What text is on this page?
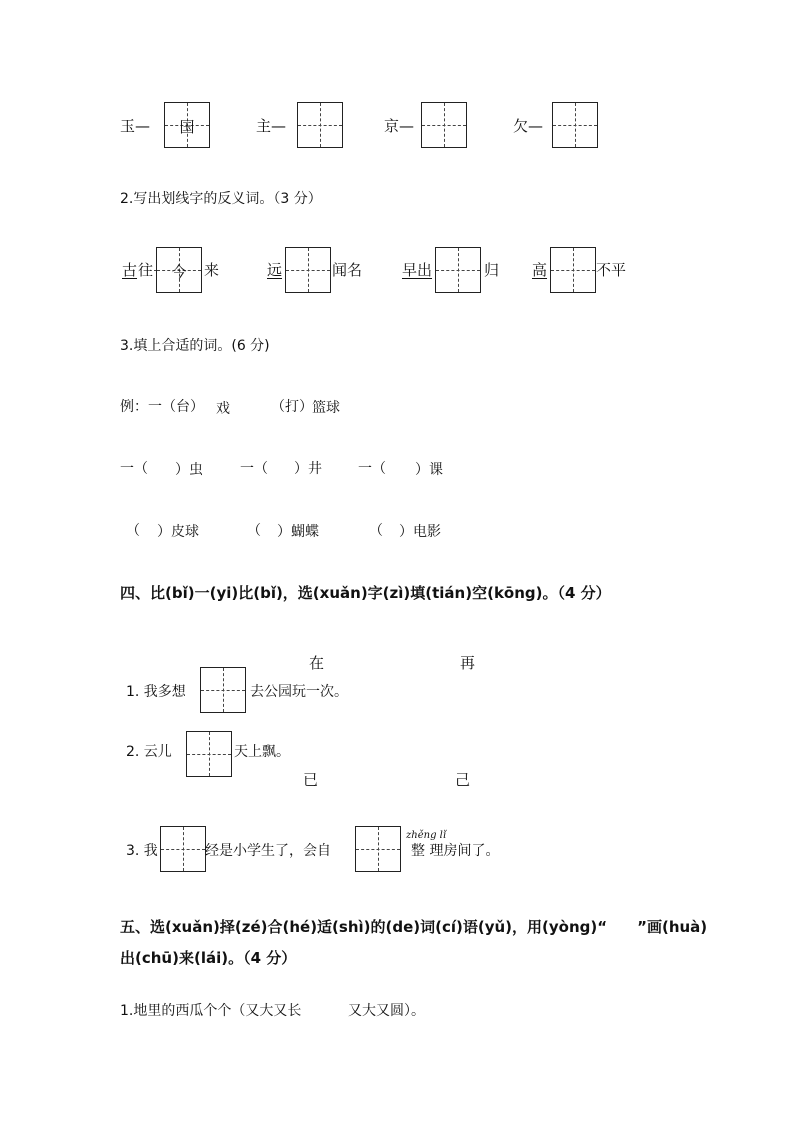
玉—	国	主—	京—	欠—
2.写出划线字的反义词。（3 分）
古 往	今	来	远	闻名	早出	归 高	不平
3.填上合适的词。(6 分)
例：一（台） 戏	（打） 篮球
一（ ）虫	一（ ）井	一（ ）课
（ ）皮球	（ ）蝴蝶	（ ）电影
四、比(bǐ)一(yi)比(bǐ)，选(xuǎn)字(zì)填(tián)空(kōng)。（4 分）
在	再
1. 我多想	去公园玩一次。
2. 云儿	天上飘。
已	己
3. 我	经是小学生了，会自
zhěng lǐ
整 理房间了。
五、选(xuǎn)择(zé)合(hé)适(shì)的(de)词(cí)语(yǔ)，用(yòng)“　　”画(huà)
出(chū)来(lái)。（4 分）
1.地里的西瓜个个（又大又长	又大又圆）。
